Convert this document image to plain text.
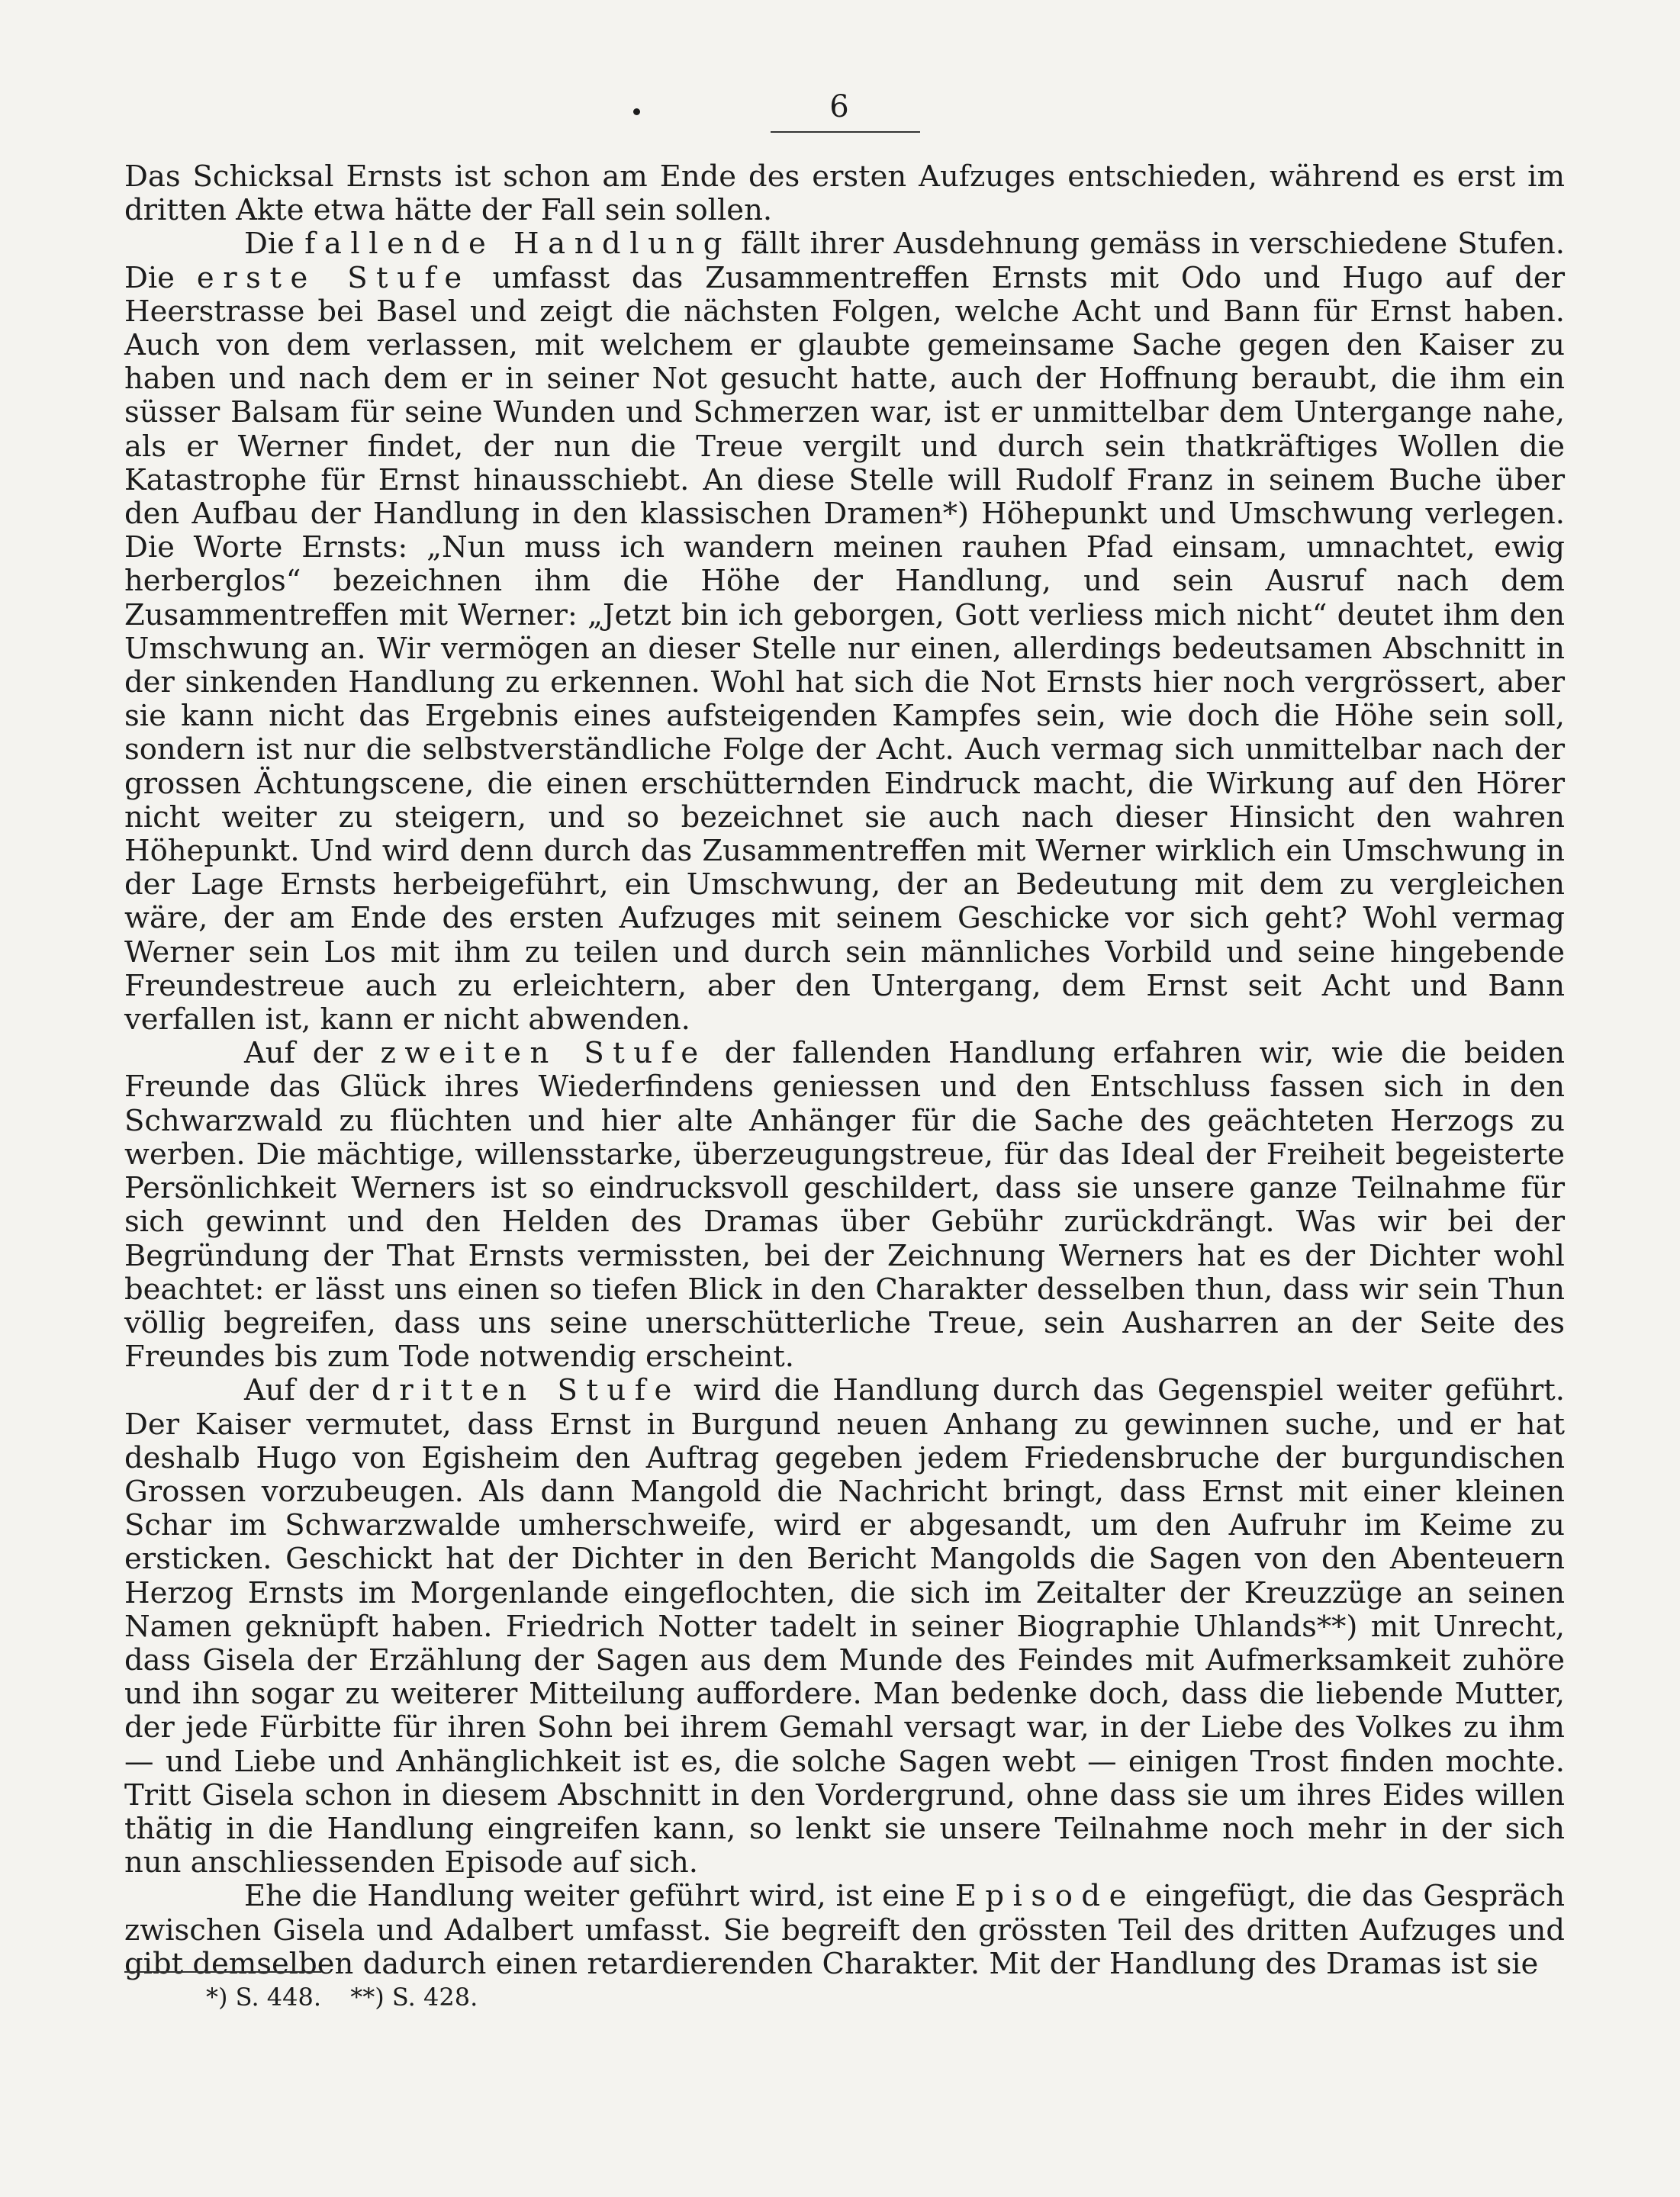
6

Das Schicksal Ernsts ist schon am Ende des ersten Aufzuges entschieden, während es erst im dritten Akte etwa hätte der Fall sein sollen.

Die fallende Handlung fällt ihrer Ausdehnung gemäss in verschiedene Stufen. Die erste Stufe umfasst das Zusammentreffen Ernsts mit Odo und Hugo auf der Heerstrasse bei Basel und zeigt die nächsten Folgen, welche Acht und Bann für Ernst haben. Auch von dem verlassen, mit welchem er glaubte gemeinsame Sache gegen den Kaiser zu haben und nach dem er in seiner Not gesucht hatte, auch der Hoffnung beraubt, die ihm ein süsser Balsam für seine Wunden und Schmerzen war, ist er unmittelbar dem Untergange nahe, als er Werner findet, der nun die Treue vergilt und durch sein thatkräftiges Wollen die Katastrophe für Ernst hinausschiebt. An diese Stelle will Rudolf Franz in seinem Buche über den Aufbau der Handlung in den klassischen Dramen*) Höhepunkt und Umschwung verlegen. Die Worte Ernsts: „Nun muss ich wandern meinen rauhen Pfad einsam, umnachtet, ewig herberglos“ bezeichnen ihm die Höhe der Handlung, und sein Ausruf nach dem Zusammentreffen mit Werner: „Jetzt bin ich geborgen, Gott verliess mich nicht“ deutet ihm den Umschwung an. Wir vermögen an dieser Stelle nur einen, allerdings bedeutsamen Abschnitt in der sinkenden Handlung zu erkennen. Wohl hat sich die Not Ernsts hier noch vergrössert, aber sie kann nicht das Ergebnis eines aufsteigenden Kampfes sein, wie doch die Höhe sein soll, sondern ist nur die selbstverständliche Folge der Acht. Auch vermag sich unmittelbar nach der grossen Ächtungscene, die einen erschütternden Eindruck macht, die Wirkung auf den Hörer nicht weiter zu steigern, und so bezeichnet sie auch nach dieser Hinsicht den wahren Höhepunkt. Und wird denn durch das Zusammentreffen mit Werner wirklich ein Umschwung in der Lage Ernsts herbeigeführt, ein Umschwung, der an Bedeutung mit dem zu vergleichen wäre, der am Ende des ersten Aufzuges mit seinem Geschicke vor sich geht? Wohl vermag Werner sein Los mit ihm zu teilen und durch sein männliches Vorbild und seine hingebende Freundestreue auch zu erleichtern, aber den Untergang, dem Ernst seit Acht und Bann verfallen ist, kann er nicht abwenden.

Auf der zweiten Stufe der fallenden Handlung erfahren wir, wie die beiden Freunde das Glück ihres Wiederfindens geniessen und den Entschluss fassen sich in den Schwarzwald zu flüchten und hier alte Anhänger für die Sache des geächteten Herzogs zu werben. Die mächtige, willensstarke, überzeugungstreue, für das Ideal der Freiheit begeisterte Persönlichkeit Werners ist so eindrucksvoll geschildert, dass sie unsere ganze Teilnahme für sich gewinnt und den Helden des Dramas über Gebühr zurückdrängt. Was wir bei der Begründung der That Ernsts vermissten, bei der Zeichnung Werners hat es der Dichter wohl beachtet: er lässt uns einen so tiefen Blick in den Charakter desselben thun, dass wir sein Thun völlig begreifen, dass uns seine unerschütterliche Treue, sein Ausharren an der Seite des Freundes bis zum Tode notwendig erscheint.

Auf der dritten Stufe wird die Handlung durch das Gegenspiel weiter geführt. Der Kaiser vermutet, dass Ernst in Burgund neuen Anhang zu gewinnen suche, und er hat deshalb Hugo von Egisheim den Auftrag gegeben jedem Friedensbruche der burgundischen Grossen vorzubeugen. Als dann Mangold die Nachricht bringt, dass Ernst mit einer kleinen Schar im Schwarzwalde umherschweife, wird er abgesandt, um den Aufruhr im Keime zu ersticken. Geschickt hat der Dichter in den Bericht Mangolds die Sagen von den Abenteuern Herzog Ernsts im Morgenlande eingeflochten, die sich im Zeitalter der Kreuzzüge an seinen Namen geknüpft haben. Friedrich Notter tadelt in seiner Biographie Uhlands**) mit Unrecht, dass Gisela der Erzählung der Sagen aus dem Munde des Feindes mit Aufmerksamkeit zuhöre und ihn sogar zu weiterer Mitteilung auffordere. Man bedenke doch, dass die liebende Mutter, der jede Fürbitte für ihren Sohn bei ihrem Gemahl versagt war, in der Liebe des Volkes zu ihm — und Liebe und Anhänglichkeit ist es, die solche Sagen webt — einigen Trost finden mochte. Tritt Gisela schon in diesem Abschnitt in den Vordergrund, ohne dass sie um ihres Eides willen thätig in die Handlung eingreifen kann, so lenkt sie unsere Teilnahme noch mehr in der sich nun anschliessenden Episode auf sich.

Ehe die Handlung weiter geführt wird, ist eine Episode eingefügt, die das Gespräch zwischen Gisela und Adalbert umfasst. Sie begreift den grössten Teil des dritten Aufzuges und gibt demselben dadurch einen retardierenden Charakter. Mit der Handlung des Dramas ist sie

*) S. 448. **) S. 428.
